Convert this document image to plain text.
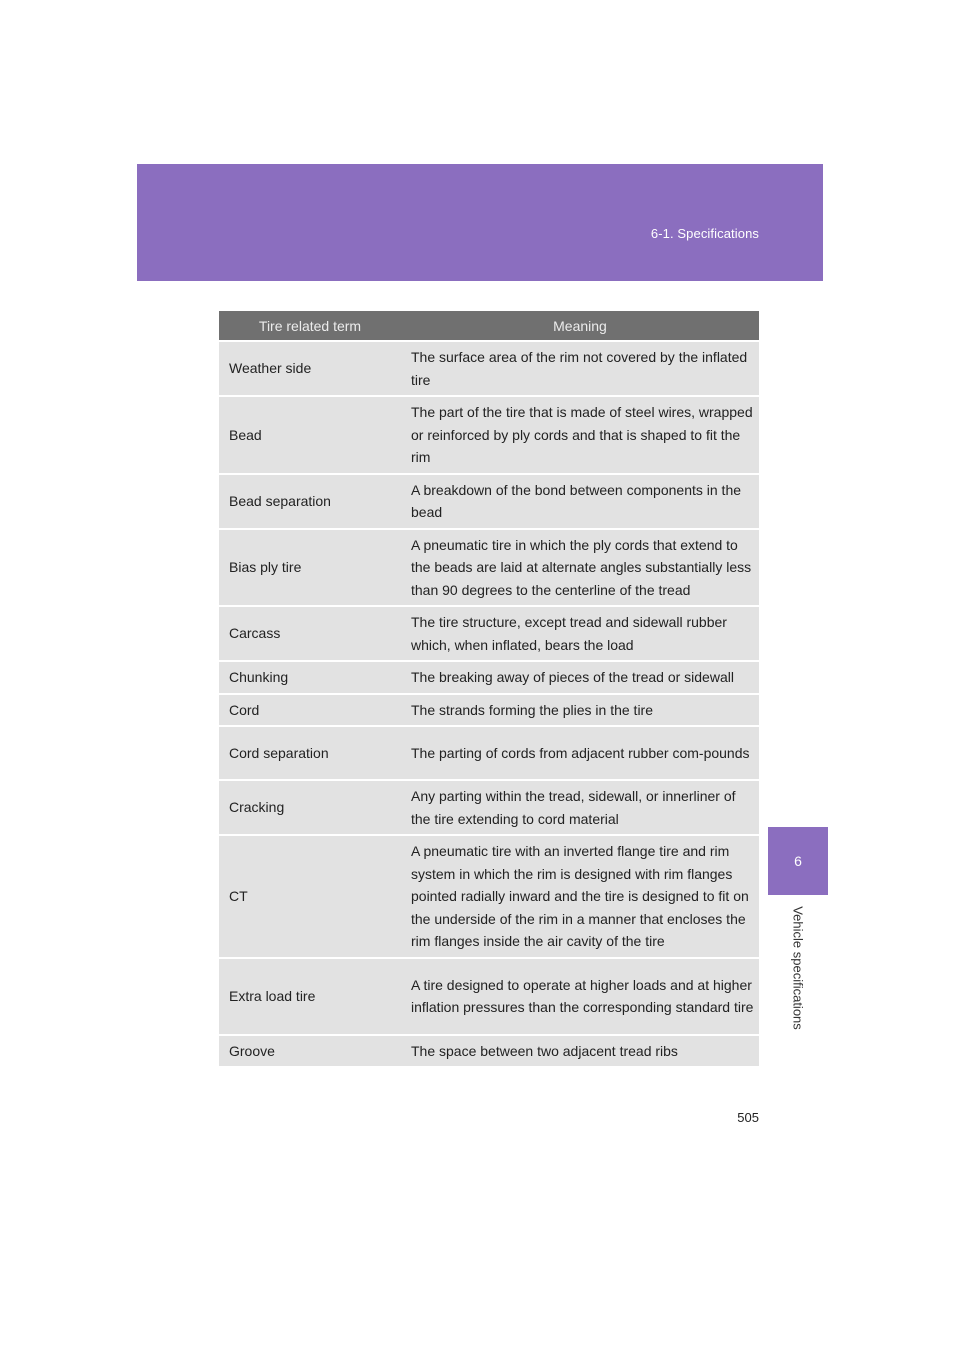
6-1. Specifications
6
Vehicle specifications
Tire related term	Meaning
Weather side	The surface area of the rim not covered by the inflated tire
Bead	The part of the tire that is made of steel wires, wrapped or reinforced by ply cords and that is shaped to fit the rim
Bead separation	A breakdown of the bond between components in the bead
Bias ply tire	A pneumatic tire in which the ply cords that extend to the beads are laid at alternate angles substantially less than 90 degrees to the centerline of the tread
Carcass	The tire structure, except tread and sidewall rubber which, when inflated, bears the load
Chunking	The breaking away of pieces of the tread or sidewall
Cord	The strands forming the plies in the tire
Cord separation	The parting of cords from adjacent rubber com-pounds
Cracking	Any parting within the tread, sidewall, or innerliner of the tire extending to cord material
CT	A pneumatic tire with an inverted flange tire and rim system in which the rim is designed with rim flanges pointed radially inward and the tire is designed to fit on the underside of the rim in a manner that encloses the rim flanges inside the air cavity of the tire
Extra load tire	A tire designed to operate at higher loads and at higher inflation pressures than the corresponding standard tire
Groove	The space between two adjacent tread ribs
505
